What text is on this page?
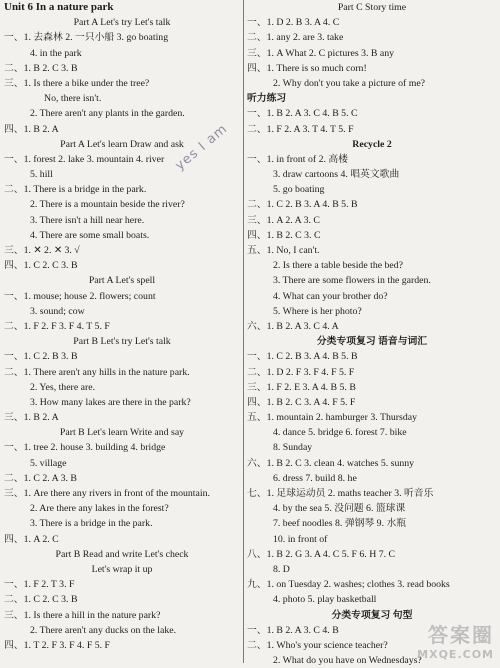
Unit 6 In a nature park
Part A Let's try Let's talk
一、1. 去森林 2. 一只小船 3. go boating
4. in the park
二、1. B 2. C 3. B
三、1. Is there a bike under the tree?
No, there isn't.
2. There aren't any plants in the garden.
四、1. B 2. A
Part A Let's learn Draw and ask
一、1. forest 2. lake 3. mountain 4. river
5. hill
二、1. There is a bridge in the park.
2. There is a mountain beside the river?
3. There isn't a hill near here.
4. There are some small boats.
三、1. ✕ 2. ✕ 3. √
四、1. C 2. C 3. B
Part A Let's spell
一、1. mouse; house 2. flowers; count
3. sound; cow
二、1. F 2. F 3. F 4. T 5. F
Part B Let's try Let's talk
一、1. C 2. B 3. B
二、1. There aren't any hills in the nature park.
2. Yes, there are.
3. How many lakes are there in the park?
三、1. B 2. A
Part B Let's learn Write and say
一、1. tree 2. house 3. building 4. bridge
5. village
二、1. C 2. A 3. B
三、1. Are there any rivers in front of the mountain.
2. Are there any lakes in the forest?
3. There is a bridge in the park.
四、1. A 2. C
Part B Read and write Let's check
Let's wrap it up
一、1. F 2. T 3. F
二、1. C 2. C 3. B
三、1. Is there a hill in the nature park?
2. There aren't any ducks on the lake.
四、1. T 2. F 3. F 4. F 5. F
yes I am
Part C Story time
一、1. D 2. B 3. A 4. C
二、1. any 2. are 3. take
三、1. A What 2. C pictures 3. B any
四、1. There is so much corn!
2. Why don't you take a picture of me?
听力练习
一、1. B 2. A 3. C 4. B 5. C
二、1. F 2. A 3. T 4. T 5. F
Recycle 2
一、1. in front of 2. 高楼
3. draw cartoons 4. 唱英文歌曲
5. go boating
二、1. C 2. B 3. A 4. B 5. B
三、1. A 2. A 3. C
四、1. B 2. C 3. C
五、1. No, I can't.
2. Is there a table beside the bed?
3. There are some flowers in the garden.
4. What can your brother do?
5. Where is her photo?
六、1. B 2. A 3. C 4. A
分类专项复习 语音与词汇
一、1. C 2. B 3. A 4. B 5. B
二、1. D 2. F 3. F 4. F 5. F
三、1. F 2. E 3. A 4. B 5. B
四、1. B 2. C 3. A 4. F 5. F
五、1. mountain 2. hamburger 3. Thursday
4. dance 5. bridge 6. forest 7. bike
8. Sunday
六、1. B 2. C 3. clean 4. watches 5. sunny
6. dress 7. build 8. he
七、1. 足球运动员 2. maths teacher 3. 听音乐
4. by the sea 5. 没问题 6. 篮球课
7. beef noodles 8. 弹钢琴 9. 水瓶
10. in front of
八、1. B 2. G 3. A 4. C 5. F 6. H 7. C
8. D
九、1. on Tuesday 2. washes; clothes 3. read books
4. photo 5. play basketball
分类专项复习 句型
一、1. B 2. A 3. C 4. B
二、1. Who's your science teacher?
2. What do you have on Wednesdays?
答案圈
MXQE.COM
